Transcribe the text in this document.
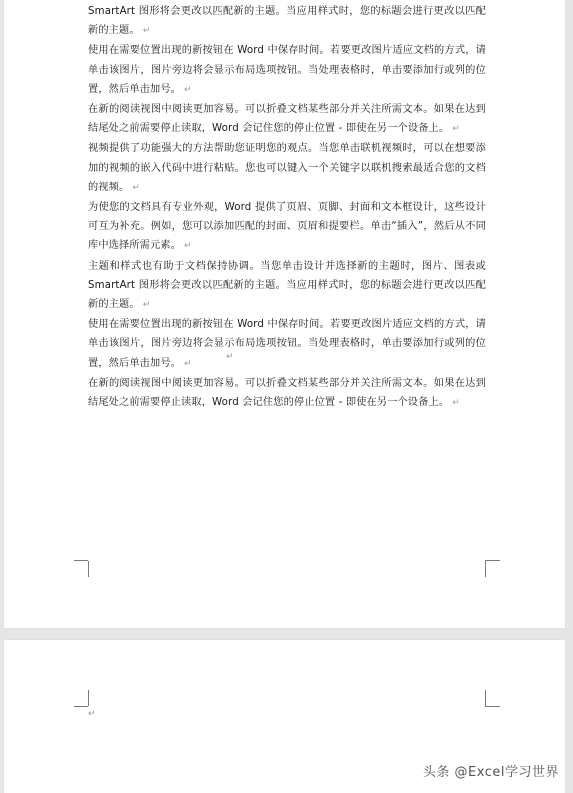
SmartArt 图形将会更改以匹配新的主题。当应用样式时，您的标题会进行更改以匹配新的主题。 ↵

使用在需要位置出现的新按钮在 Word 中保存时间。若要更改图片适应文档的方式，请单击该图片，图片旁边将会显示布局选项按钮。当处理表格时，单击要添加行或列的位置，然后单击加号。 ↵

在新的阅读视图中阅读更加容易。可以折叠文档某些部分并关注所需文本。如果在达到结尾处之前需要停止读取，Word 会记住您的停止位置 - 即使在另一个设备上。 ↵

视频提供了功能强大的方法帮助您证明您的观点。当您单击联机视频时，可以在想要添加的视频的嵌入代码中进行粘贴。您也可以键入一个关键字以联机搜索最适合您的文档的视频。 ↵

为使您的文档具有专业外观，Word 提供了页眉、页脚、封面和文本框设计，这些设计可互为补充。例如，您可以添加匹配的封面、页眉和提要栏。单击“插入”，然后从不同库中选择所需元素。 ↵

主题和样式也有助于文档保持协调。当您单击设计并选择新的主题时，图片、图表或 SmartArt 图形将会更改以匹配新的主题。当应用样式时，您的标题会进行更改以匹配新的主题。 ↵

使用在需要位置出现的新按钮在 Word 中保存时间。若要更改图片适应文档的方式，请单击该图片，图片旁边将会显示布局选项按钮。当处理表格时，单击要添加行或列的位置，然后单击加号。 ↵

在新的阅读视图中阅读更加容易。可以折叠文档某些部分并关注所需文本。如果在达到结尾处之前需要停止读取，Word 会记住您的停止位置 - 即使在另一个设备上。 ↵

↵
↵
头条 @Excel学习世界
